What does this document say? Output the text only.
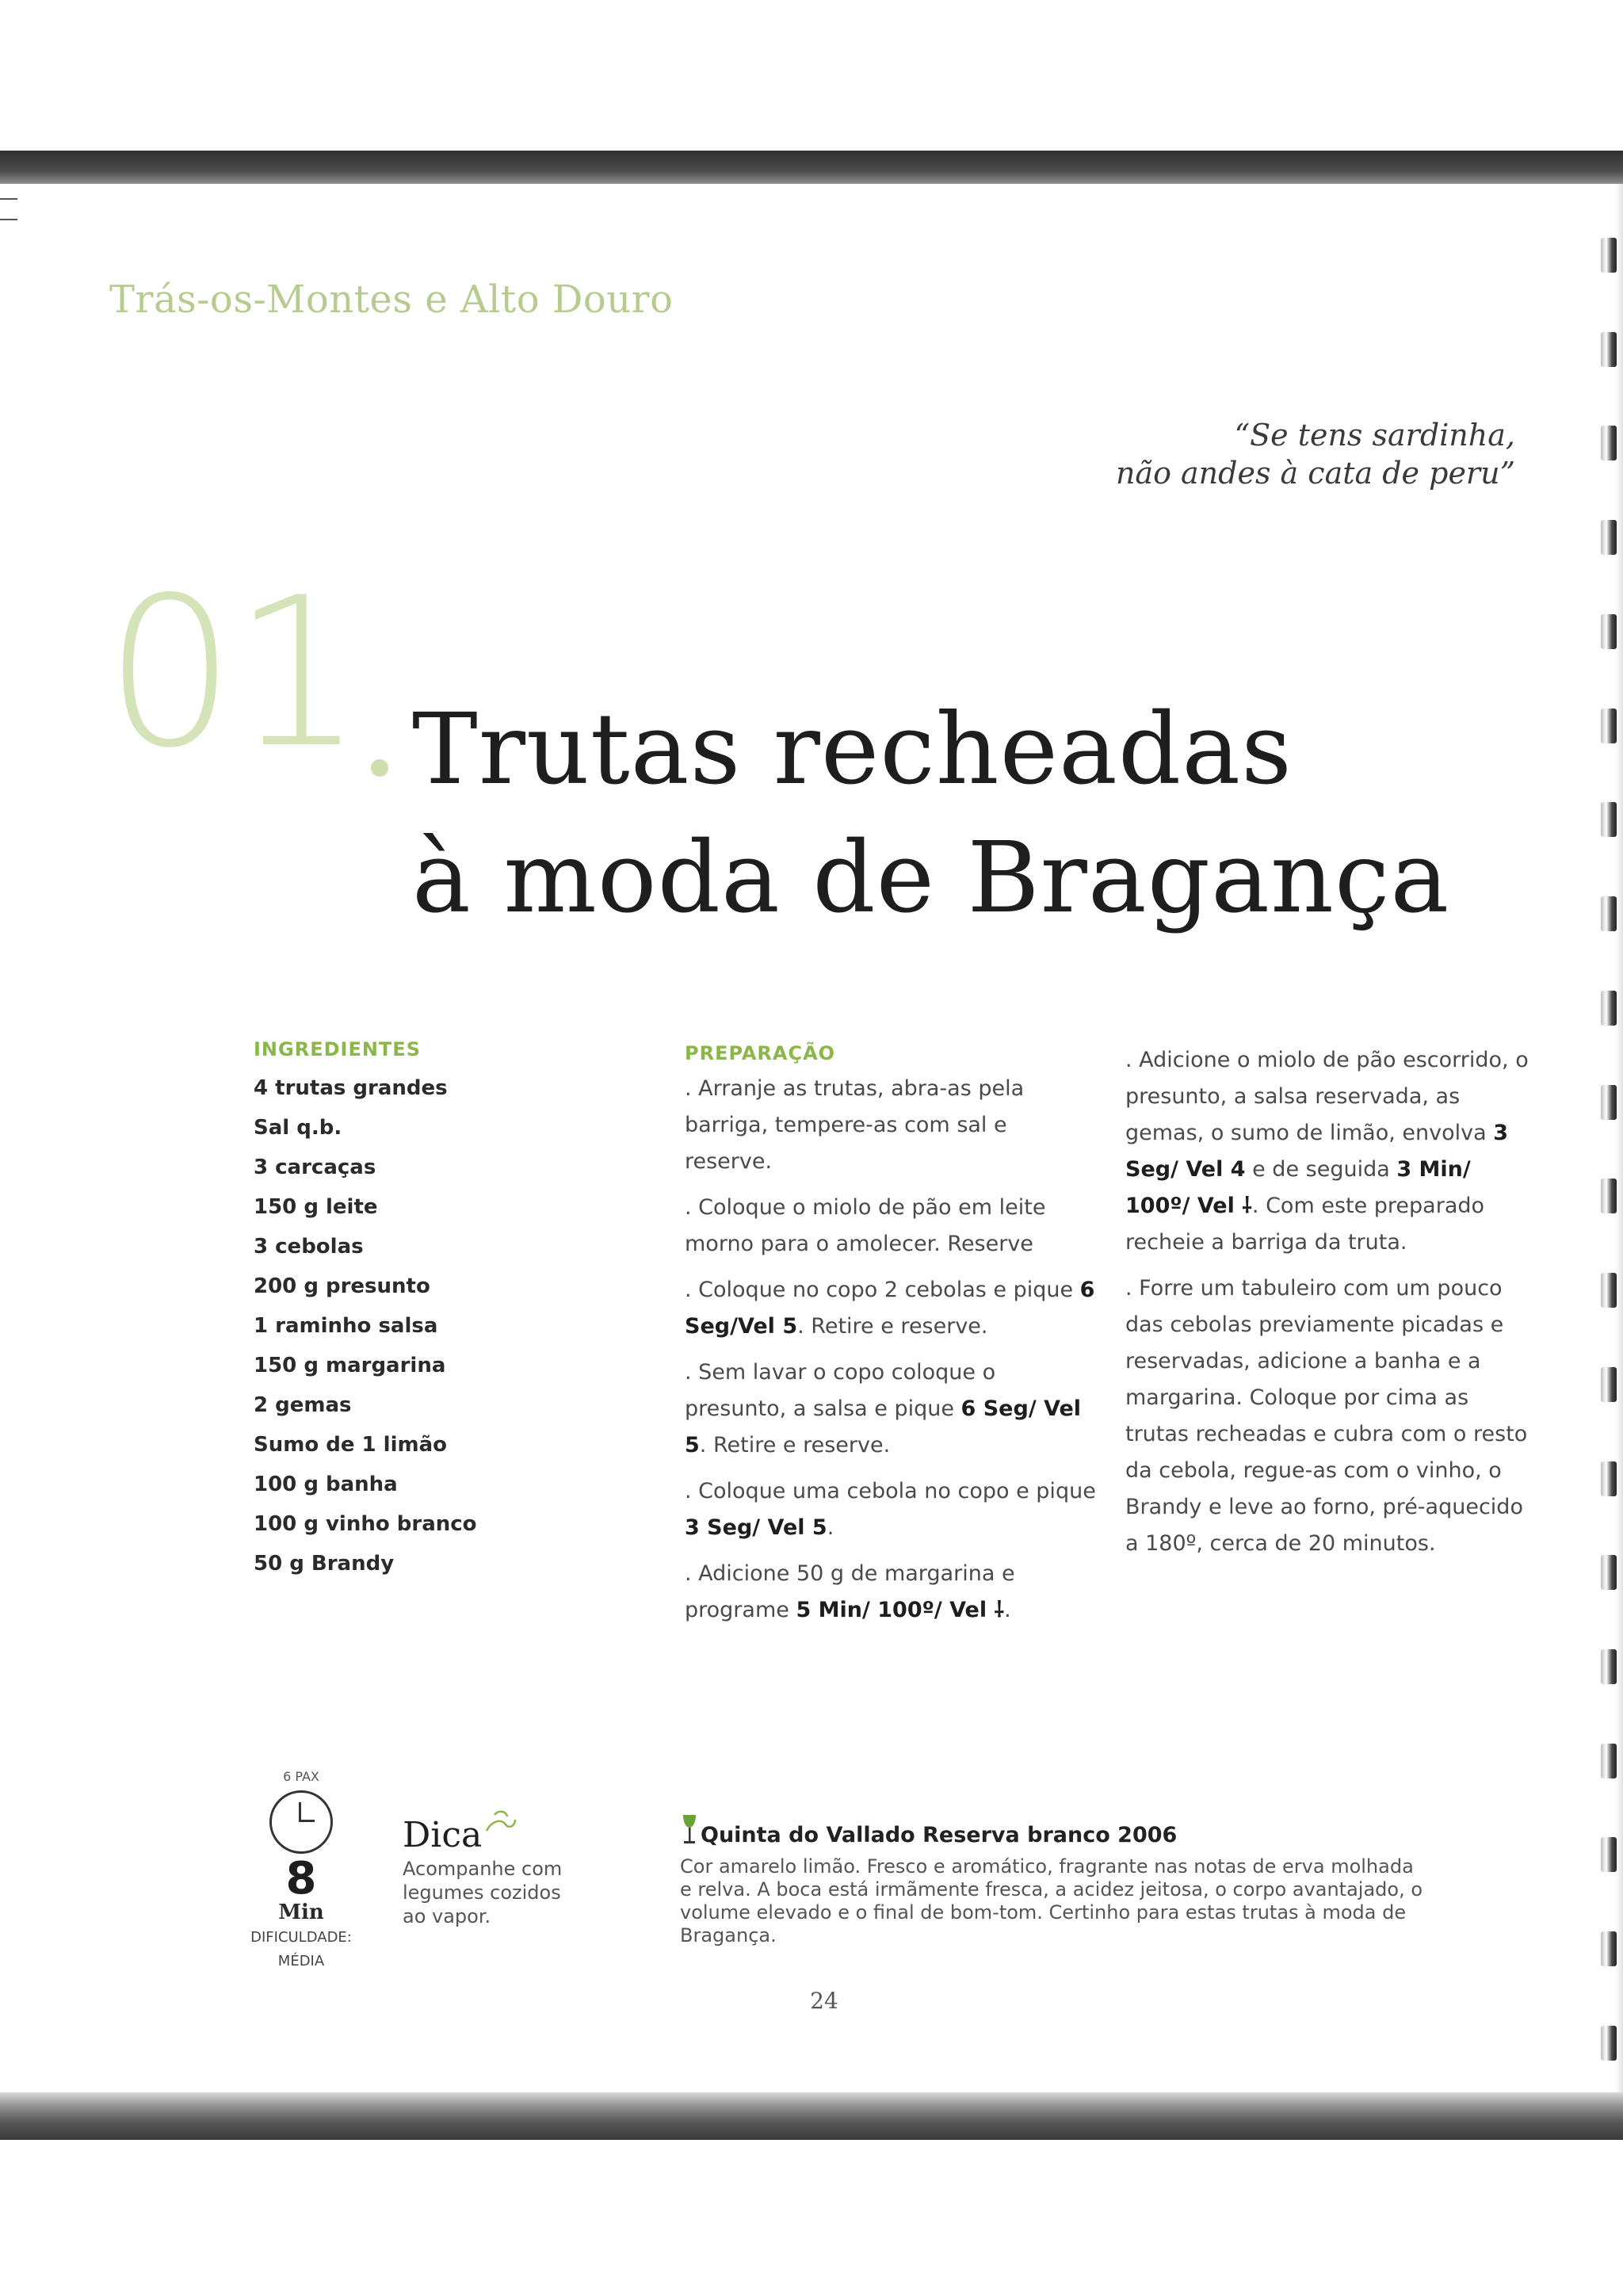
Trás-os-Montes e Alto Douro
“Se tens sardinha,
não andes à cata de peru”
01 Trutas recheadas
à moda de Bragança
INGREDIENTES
4 trutas grandes
Sal q.b.
3 carcaças
150 g leite
3 cebolas
200 g presunto
1 raminho salsa
150 g margarina
2 gemas
Sumo de 1 limão
100 g banha
100 g vinho branco
50 g Brandy
PREPARAÇÃO

. Arranje as trutas, abra-as pela barriga, tempere-as com sal e reserve.

. Coloque o miolo de pão em leite morno para o amolecer. Reserve

. Coloque no copo 2 cebolas e pique 6 Seg/Vel 5. Retire e reserve.

. Sem lavar o copo coloque o presunto, a salsa e pique 6 Seg/ Vel 5. Retire e reserve.

. Coloque uma cebola no copo e pique 3 Seg/ Vel 5.

. Adicione 50 g de margarina e programe 5 Min/ 100º/ Vel ⸸.

. Adicione o miolo de pão escorrido, o presunto, a salsa reservada, as gemas, o sumo de limão, envolva 3 Seg/ Vel 4 e de seguida 3 Min/ 100º/ Vel ⸸. Com este preparado recheie a barriga da truta.

. Forre um tabuleiro com um pouco das cebolas previamente picadas e reservadas, adicione a banha e a margarina. Coloque por cima as trutas recheadas e cubra com o resto da cebola, regue-as com o vinho, o Brandy e leve ao forno, pré-aquecido a 180º, cerca de 20 minutos.

6 PAX
8
Min
DIFICULDADE:
MÉDIA
Dica
Acompanhe com legumes cozidos ao vapor.
Quinta do Vallado Reserva branco 2006
Cor amarelo limão. Fresco e aromático, fragrante nas notas de erva molhada e relva. A boca está irmãmente fresca, a acidez jeitosa, o corpo avantajado, o volume elevado e o final de bom-tom. Certinho para estas trutas à moda de Bragança.
24
